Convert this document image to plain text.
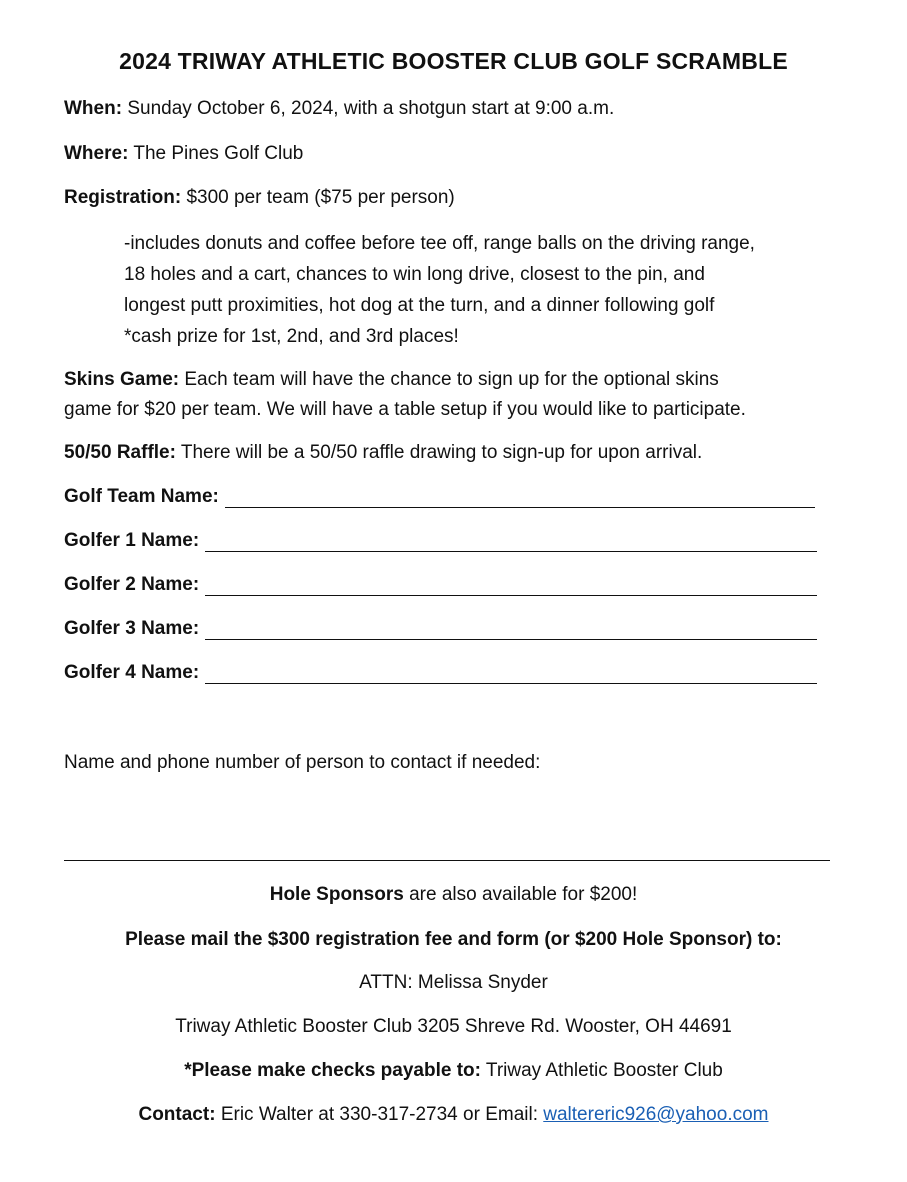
2024 TRIWAY ATHLETIC BOOSTER CLUB GOLF SCRAMBLE
When: Sunday October 6, 2024, with a shotgun start at 9:00 a.m.
Where: The Pines Golf Club
Registration: $300 per team ($75 per person)
-includes donuts and coffee before tee off, range balls on the driving range,
18 holes and a cart, chances to win long drive, closest to the pin, and
longest putt proximities, hot dog at the turn, and a dinner following golf
*cash prize for 1st, 2nd, and 3rd places!
Skins Game: Each team will have the chance to sign up for the optional skins
game for $20 per team. We will have a table setup if you would like to participate.
50/50 Raffle: There will be a 50/50 raffle drawing to sign-up for upon arrival.
Golf Team Name:
Golfer 1 Name:
Golfer 2 Name:
Golfer 3 Name:
Golfer 4 Name:
Name and phone number of person to contact if needed:
Hole Sponsors are also available for $200!
Please mail the $300 registration fee and form (or $200 Hole Sponsor) to:
ATTN: Melissa Snyder
Triway Athletic Booster Club 3205 Shreve Rd. Wooster, OH 44691
*Please make checks payable to: Triway Athletic Booster Club
Contact: Eric Walter at 330-317-2734 or Email: waltereric926@yahoo.com
